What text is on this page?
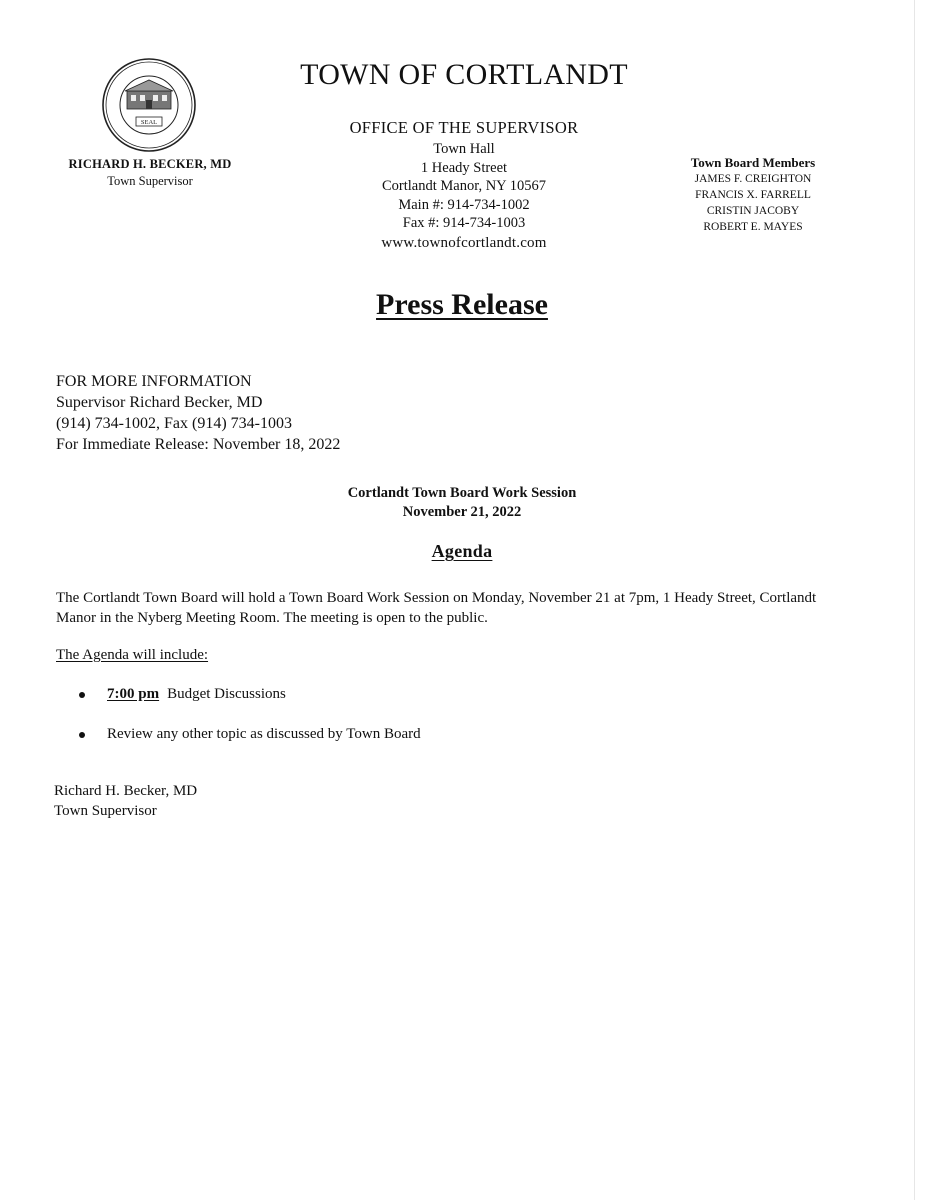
SEAL
RICHARD H. BECKER, MD
Town Supervisor
TOWN OF CORTLANDT
OFFICE OF THE SUPERVISOR
Town Hall
1 Heady Street
Cortlandt Manor, NY 10567
Main #: 914-734-1002
Fax #: 914-734-1003
www.townofcortlandt.com
Town Board Members
JAMES F. CREIGHTON
FRANCIS X. FARRELL
CRISTIN JACOBY
ROBERT E. MAYES
Press Release
FOR MORE INFORMATION
Supervisor Richard Becker, MD
(914) 734-1002, Fax (914) 734-1003
For Immediate Release: November 18, 2022
Cortlandt Town Board Work Session
November 21, 2022
Agenda
The Cortlandt Town Board will hold a Town Board Work Session on Monday, November 21 at 7pm, 1 Heady Street, Cortlandt Manor in the Nyberg Meeting Room. The meeting is open to the public.
The Agenda will include:
7:00 pm Budget Discussions
Review any other topic as discussed by Town Board
Richard H. Becker, MD
Town Supervisor
